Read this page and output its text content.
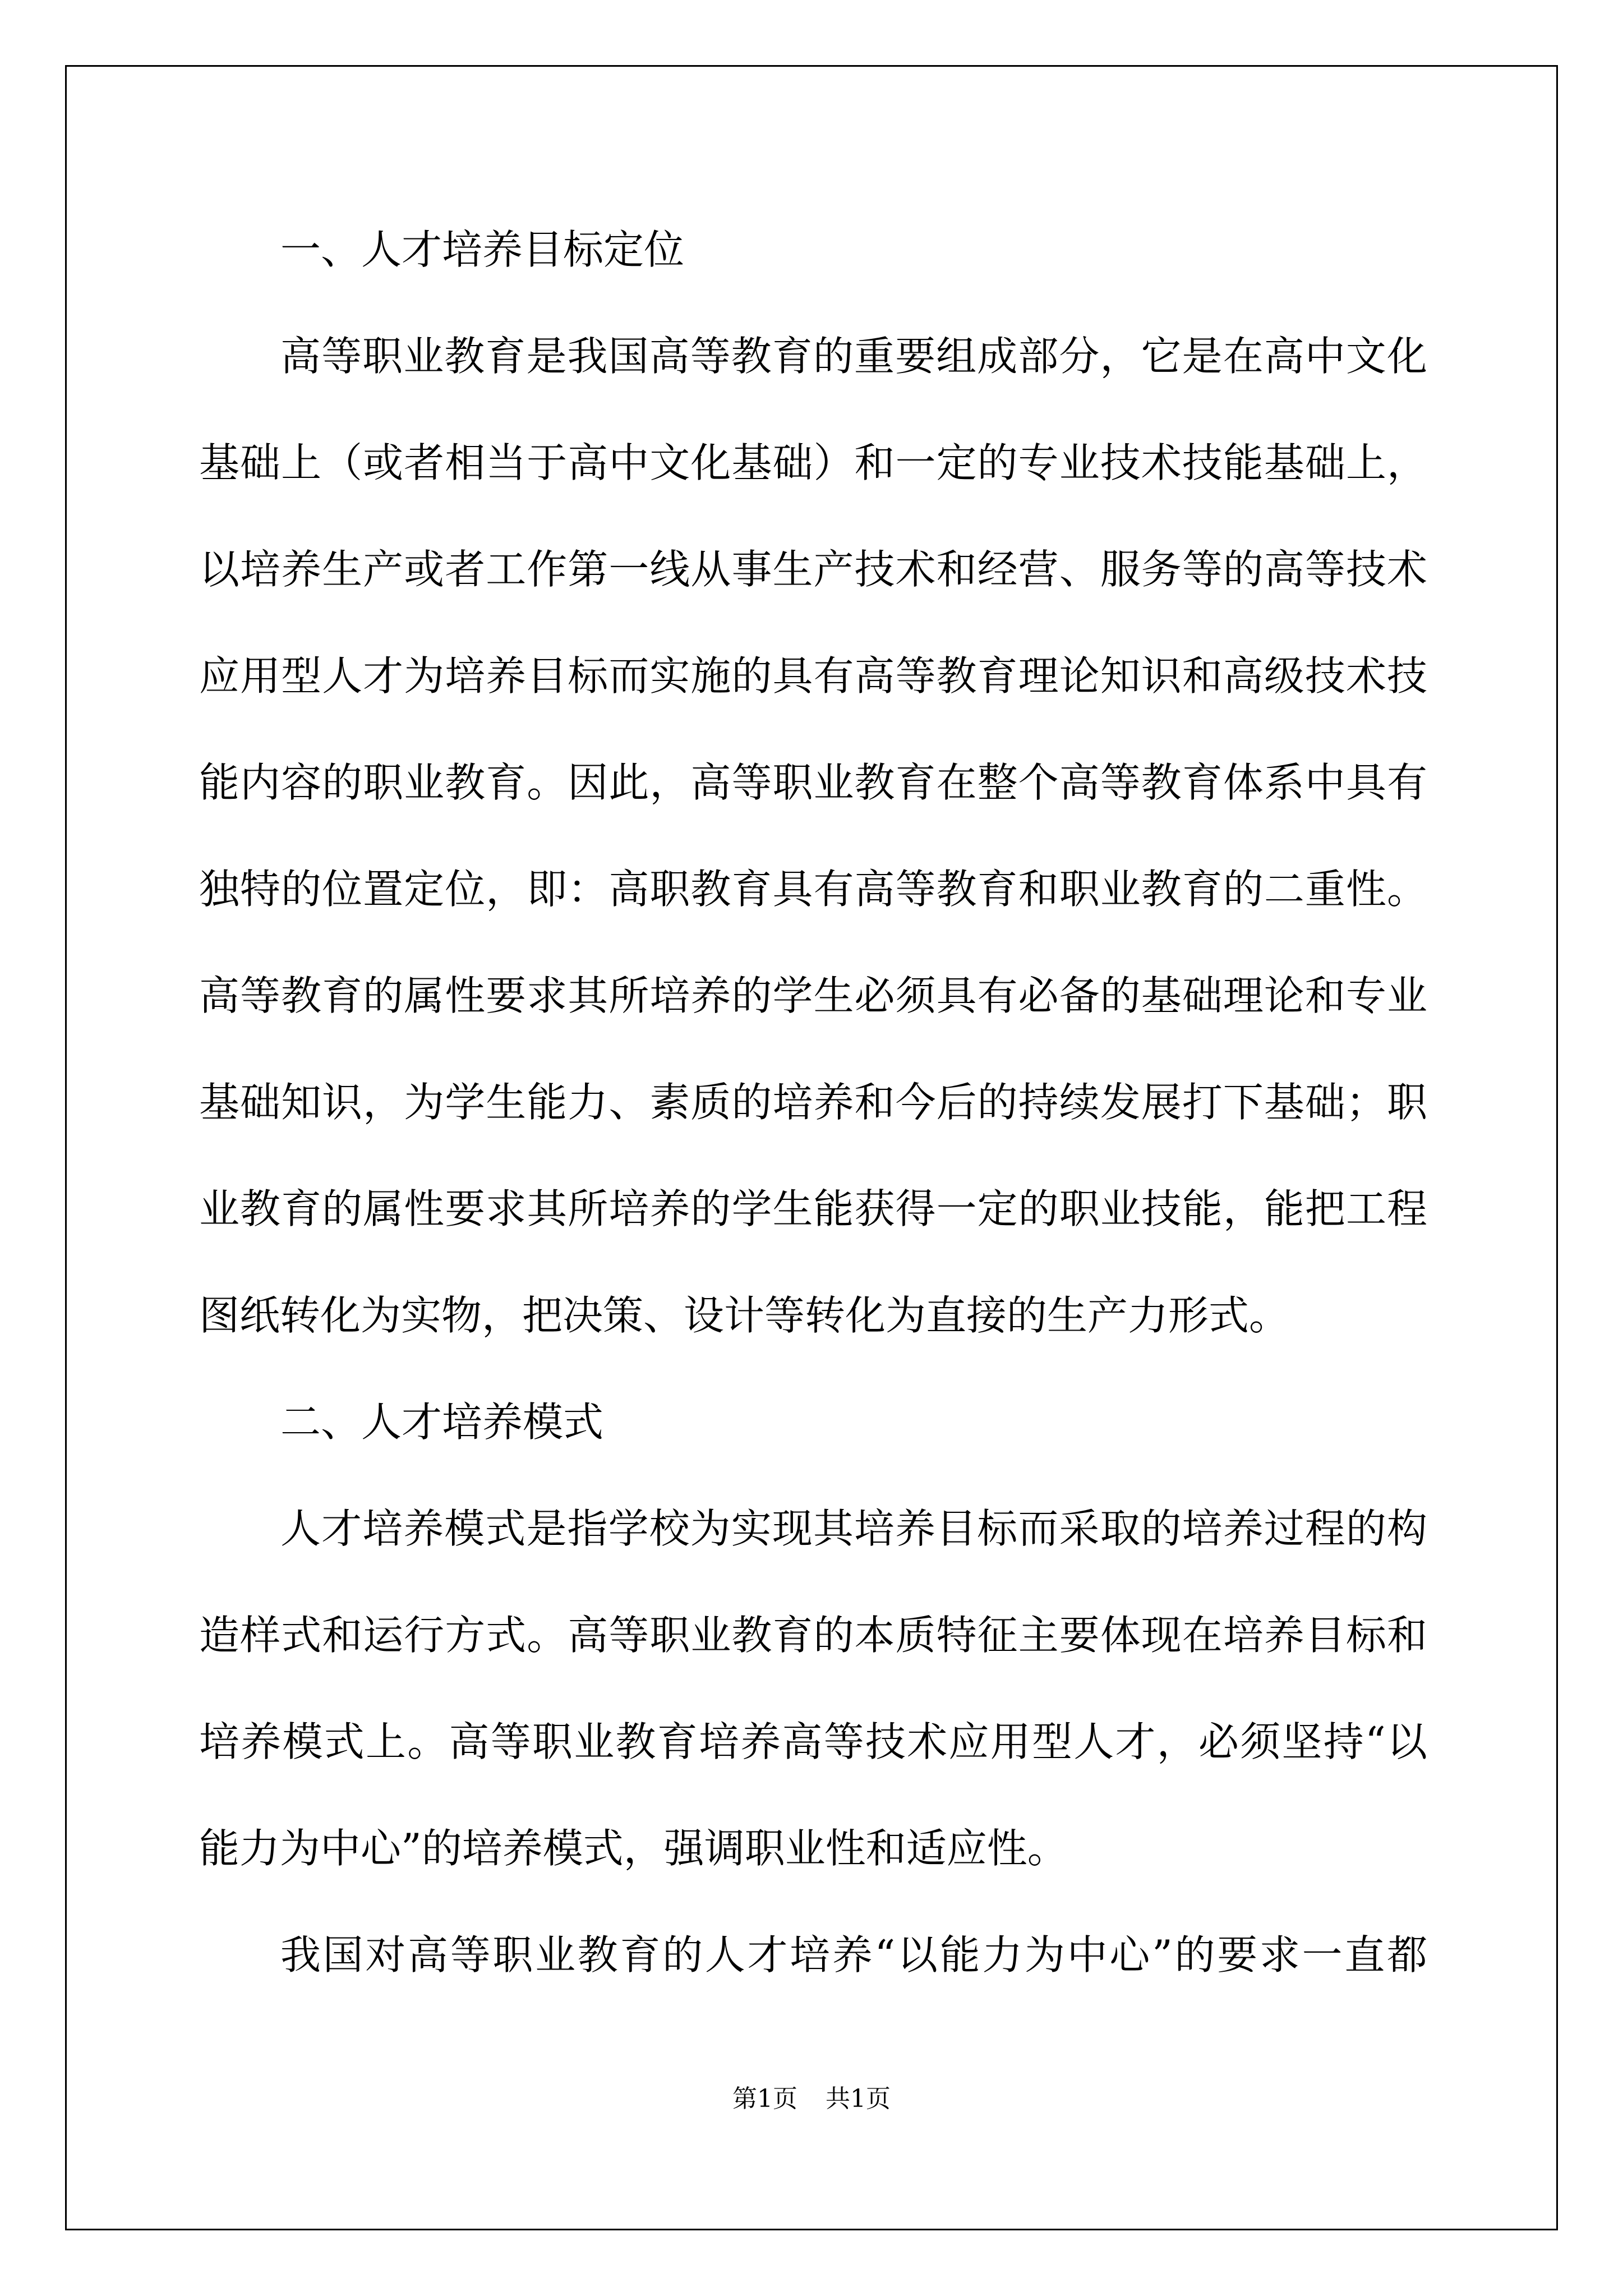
一、人才培养目标定位
高等职业教育是我国高等教育的重要组成部分，它是在高中文化
基础上（或者相当于高中文化基础）和一定的专业技术技能基础上，
以培养生产或者工作第一线从事生产技术和经营、服务等的高等技术
应用型人才为培养目标而实施的具有高等教育理论知识和高级技术技
能内容的职业教育。因此，高等职业教育在整个高等教育体系中具有
独特的位置定位，即：高职教育具有高等教育和职业教育的二重性。
高等教育的属性要求其所培养的学生必须具有必备的基础理论和专业
基础知识，为学生能力、素质的培养和今后的持续发展打下基础；职
业教育的属性要求其所培养的学生能获得一定的职业技能，能把工程
图纸转化为实物，把决策、设计等转化为直接的生产力形式。
二、人才培养模式
人才培养模式是指学校为实现其培养目标而采取的培养过程的构
造样式和运行方式。高等职业教育的本质特征主要体现在培养目标和
培养模式上。高等职业教育培养高等技术应用型人才，必须坚持“以
能力为中心”的培养模式，强调职业性和适应性。
我国对高等职业教育的人才培养“以能力为中心”的要求一直都
第1页 共1页
